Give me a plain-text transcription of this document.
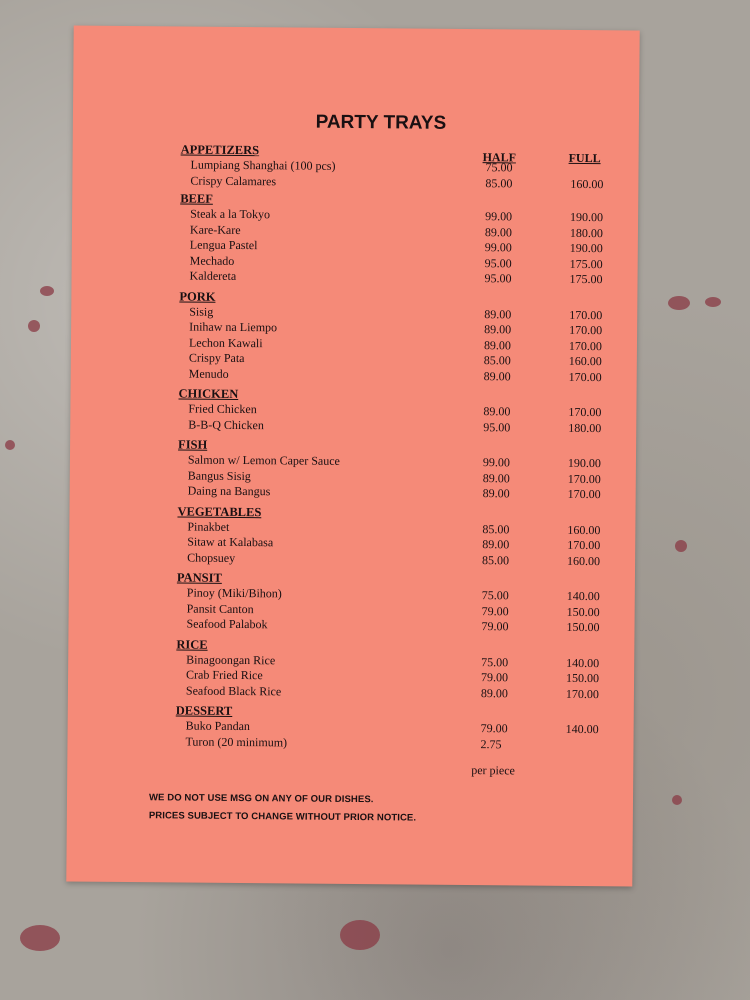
PARTY TRAYS
HALF	FULL
APPETIZERS
Lumpiang Shanghai (100 pcs)	75.00
Crispy Calamares	85.00	160.00
BEEF
Steak a la Tokyo	99.00	190.00
Kare-Kare	89.00	180.00
Lengua Pastel	99.00	190.00
Mechado	95.00	175.00
Kaldereta	95.00	175.00
PORK
Sisig	89.00	170.00
Inihaw na Liempo	89.00	170.00
Lechon Kawali	89.00	170.00
Crispy Pata	85.00	160.00
Menudo	89.00	170.00
CHICKEN
Fried Chicken	89.00	170.00
B-B-Q Chicken	95.00	180.00
FISH
Salmon w/ Lemon Caper Sauce	99.00	190.00
Bangus Sisig	89.00	170.00
Daing na Bangus	89.00	170.00
VEGETABLES
Pinakbet	85.00	160.00
Sitaw at Kalabasa	89.00	170.00
Chopsuey	85.00	160.00
PANSIT
Pinoy (Miki/Bihon)	75.00	140.00
Pansit Canton	79.00	150.00
Seafood Palabok	79.00	150.00
RICE
Binagoongan Rice	75.00	140.00
Crab Fried Rice	79.00	150.00
Seafood Black Rice	89.00	170.00
DESSERT
Buko Pandan	79.00	140.00
Turon (20 minimum)	2.75
per piece
WE DO NOT USE MSG ON ANY OF OUR DISHES.
PRICES SUBJECT TO CHANGE WITHOUT PRIOR NOTICE.
